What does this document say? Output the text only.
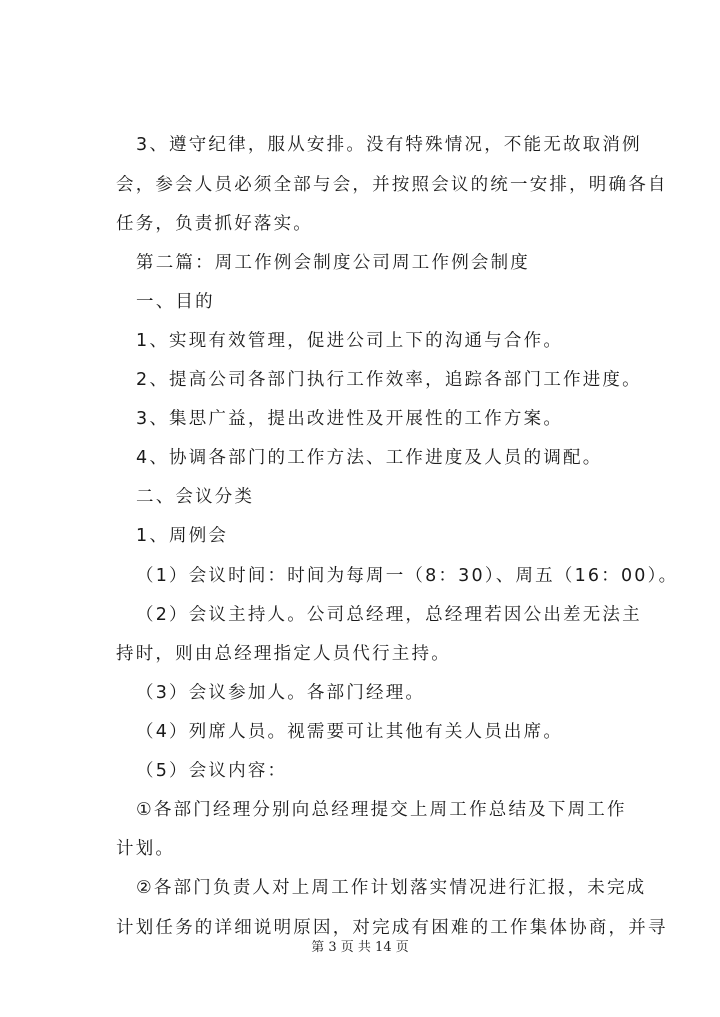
3、遵守纪律，服从安排。没有特殊情况，不能无故取消例
会，参会人员必须全部与会，并按照会议的统一安排，明确各自
任务，负责抓好落实。
第二篇：周工作例会制度公司周工作例会制度
一、目的
1、实现有效管理，促进公司上下的沟通与合作。
2、提高公司各部门执行工作效率，追踪各部门工作进度。
3、集思广益，提出改进性及开展性的工作方案。
4、协调各部门的工作方法、工作进度及人员的调配。
二、会议分类
1、周例会
（1）会议时间：时间为每周一（8：30）、周五（16：00）。
（2）会议主持人。公司总经理，总经理若因公出差无法主
持时，则由总经理指定人员代行主持。
（3）会议参加人。各部门经理。
（4）列席人员。视需要可让其他有关人员出席。
（5）会议内容：
①各部门经理分别向总经理提交上周工作总结及下周工作
计划。
②各部门负责人对上周工作计划落实情况进行汇报，未完成
计划任务的详细说明原因，对完成有困难的工作集体协商，并寻
第 3 页 共 14 页
